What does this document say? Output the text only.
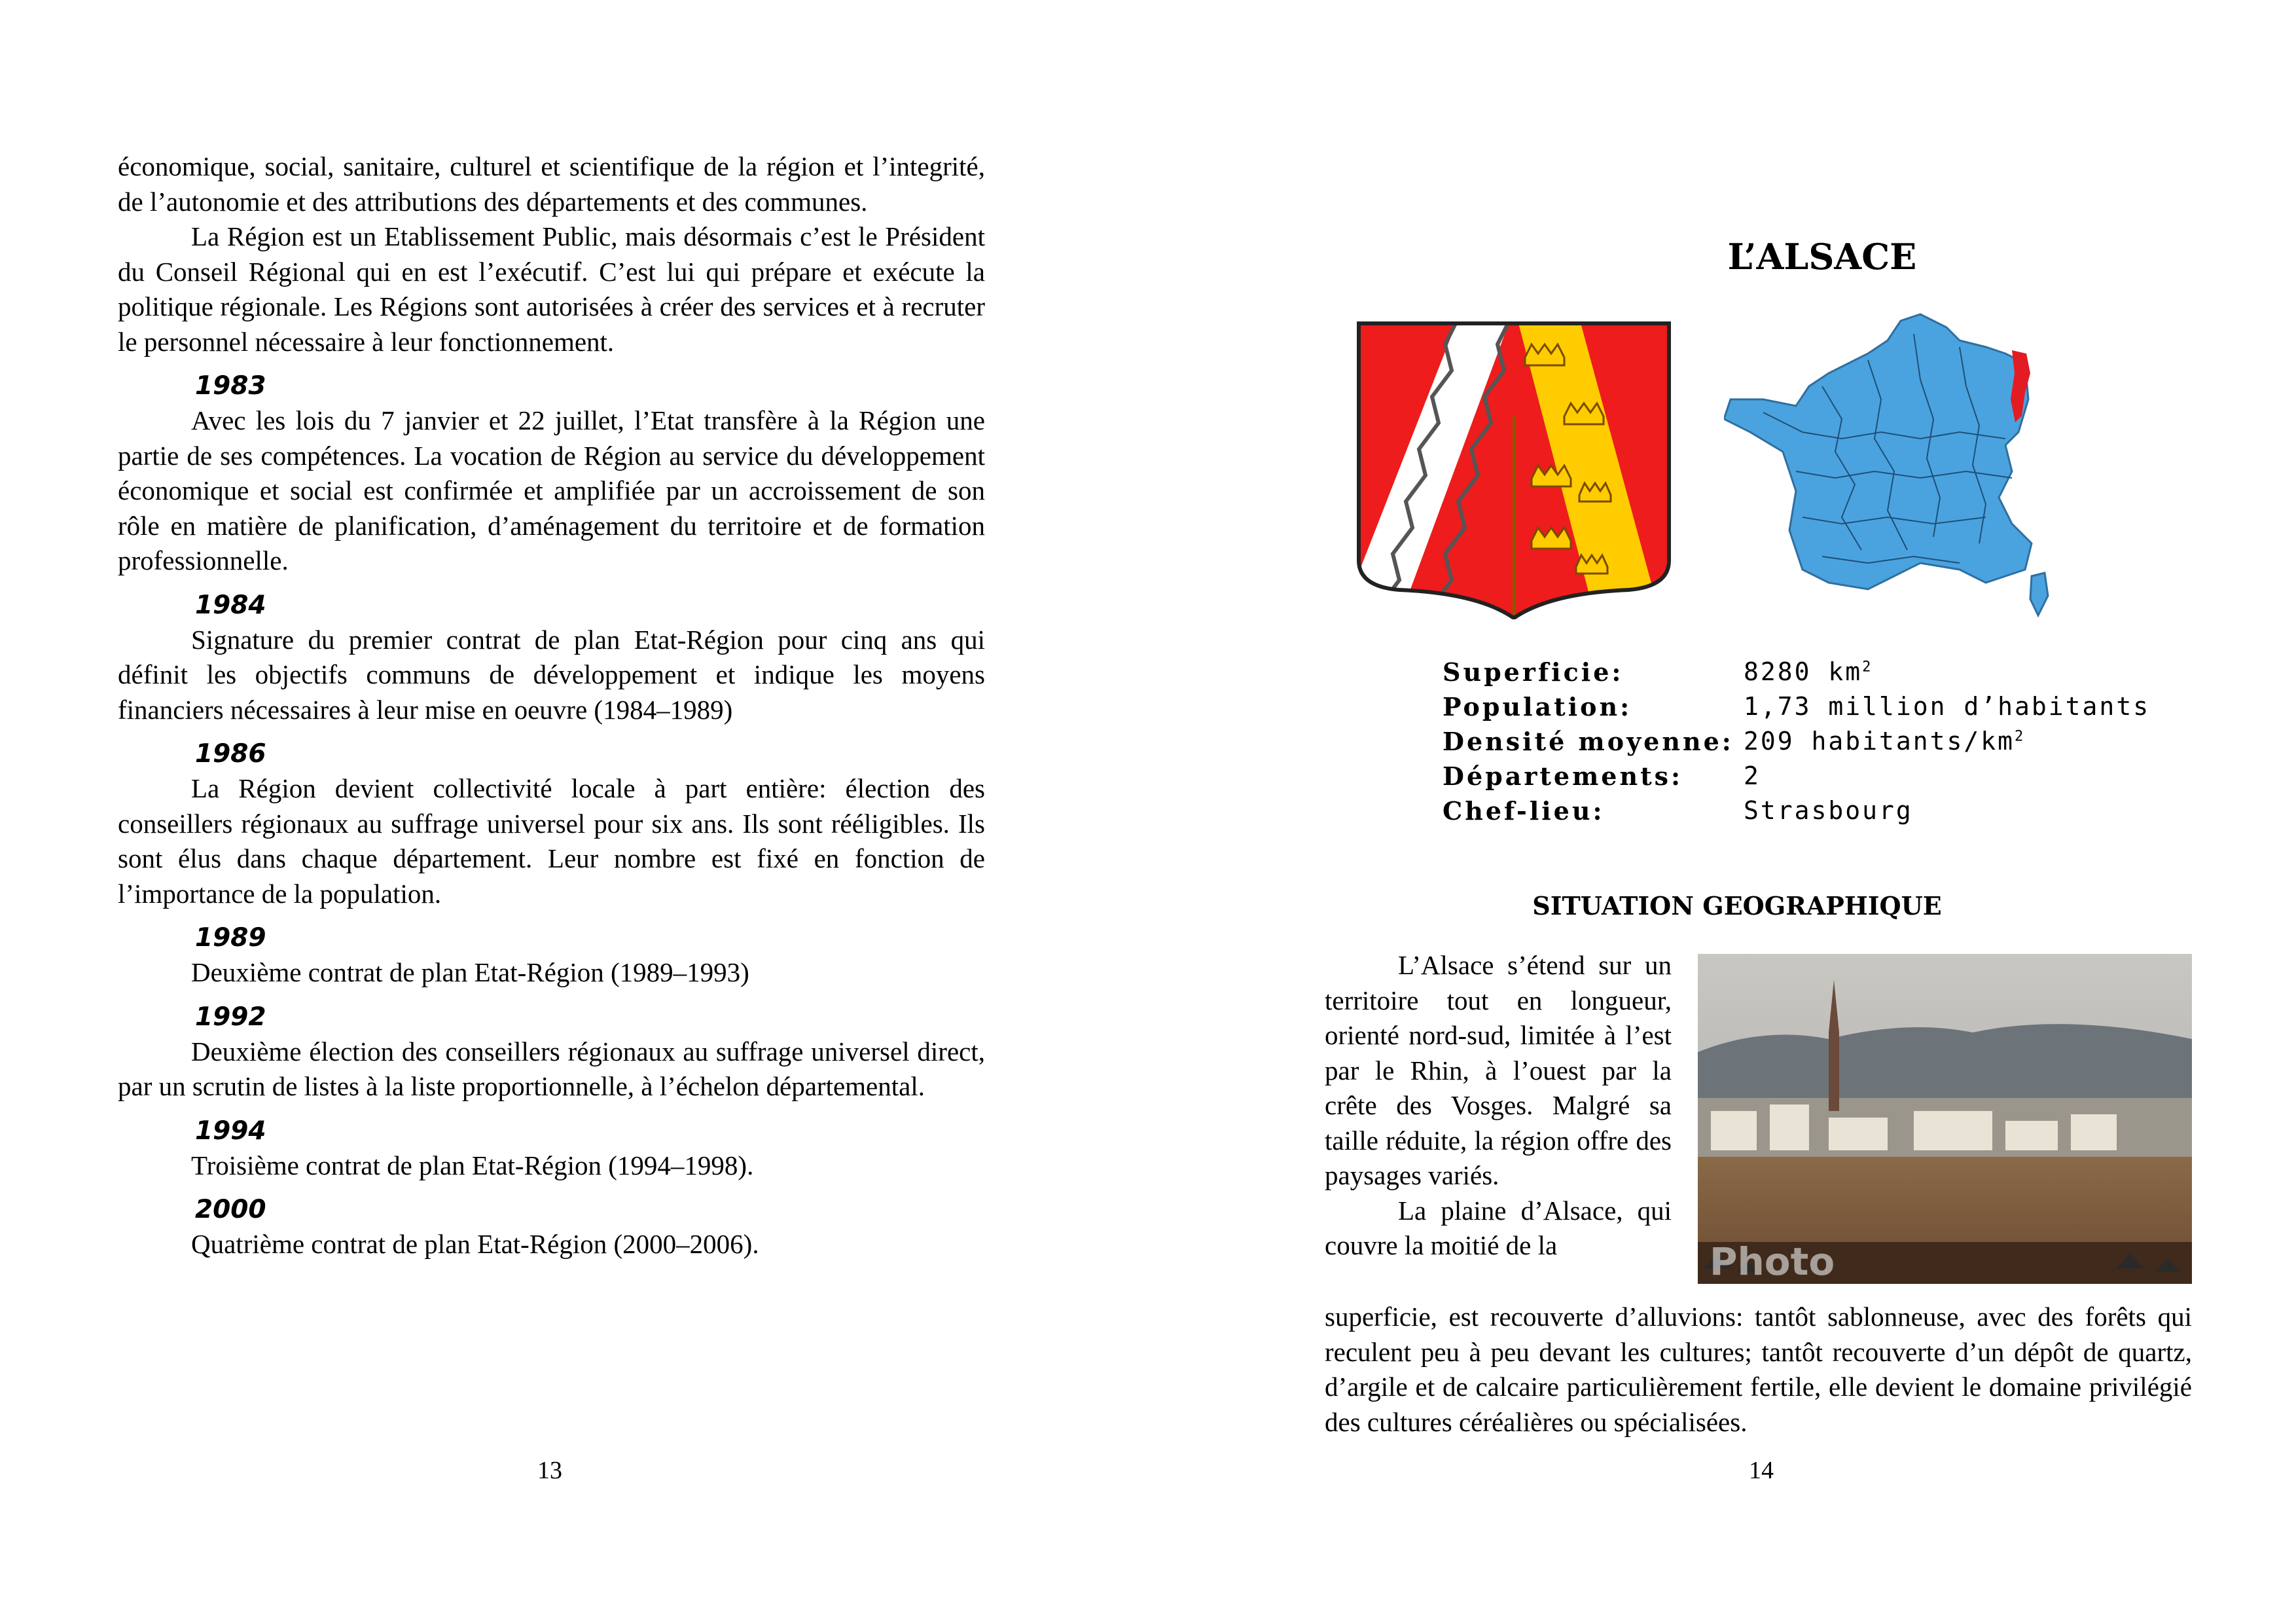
économique, social, sanitaire, culturel et scientifique de la région et l’integrité, de l’autonomie et des attributions des départements et des communes.

La Région est un Etablissement Public, mais désormais c’est le Président du Conseil Régional qui en est l’exécutif. C’est lui qui prépare et exécute la politique régionale. Les Régions sont autorisées à créer des services et à recruter le personnel nécessaire à leur fonctionnement.

1983

Avec les lois du 7 janvier et 22 juillet, l’Etat transfère à la Région une partie de ses compétences. La vocation de Région au service du développement économique et social est confirmée et amplifiée par un accroissement de son rôle en matière de planification, d’aménagement du territoire et de formation professionnelle.

1984

Signature du premier contrat de plan Etat-Région pour cinq ans qui définit les objectifs communs de développement et indique les moyens financiers nécessaires à leur mise en oeuvre (1984–1989)

1986

La Région devient collectivité locale à part entière: élection des conseillers régionaux au suffrage universel pour six ans. Ils sont rééligibles. Ils sont élus dans chaque département. Leur nombre est fixé en fonction de l’importance de la population.

1989

Deuxième contrat de plan Etat-Région (1989–1993)

1992

Deuxième élection des conseillers régionaux au suffrage universel direct, par un scrutin de listes à la liste proportionnelle, à l’échelon départemental.

1994

Troisième contrat de plan Etat-Région (1994–1998).

2000

Quatrième contrat de plan Etat-Région (2000–2006).

13
L’ALSACE
Superficie:	8280 $km^2$
Population:	1,73 million d’habitants
Densité moyenne: 209 habitants/$km^2$
Départements:	2
Chef-lieu:	Strasbourg
SITUATION GEOGRAPHIQUE
Photo

L’Alsace s’étend sur un territoire tout en longueur, orienté nord-sud, limitée à l’est par le Rhin, à l’ouest par la crête des Vosges. Malgré sa taille réduite, la région offre des paysages variés.

La plaine d’Alsace, qui couvre la moitié de la

superficie, est recouverte d’alluvions: tantôt sablonneuse, avec des forêts qui reculent peu à peu devant les cultures; tantôt recouverte d’un dépôt de quartz, d’argile et de calcaire particulièrement fertile, elle devient le domaine privilégié des cultures céréalières ou spécialisées.

14
